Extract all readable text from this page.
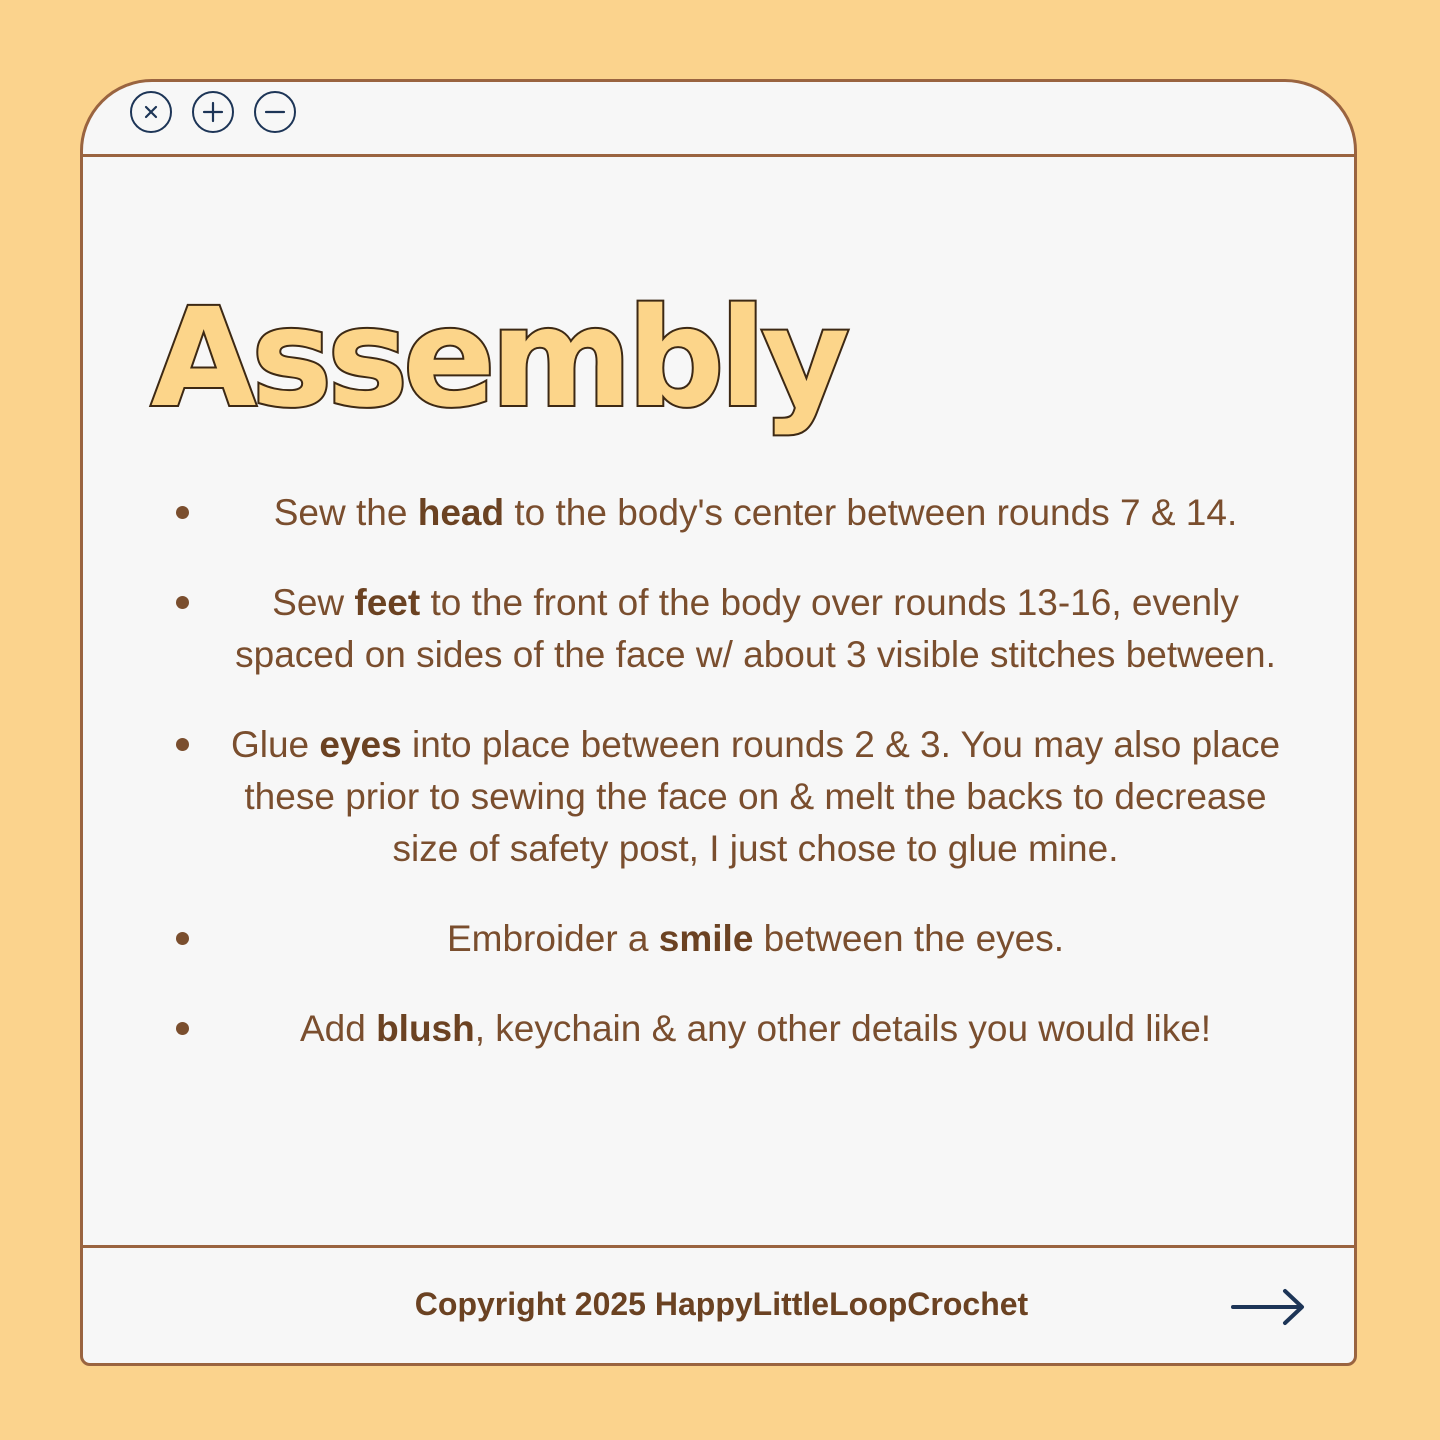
Assembly
Sew the head to the body's center between rounds 7 & 14.
Sew feet to the front of the body over rounds 13-16, evenly spaced on sides of the face w/ about 3 visible stitches between.
Glue eyes into place between rounds 2 & 3. You may also place these prior to sewing the face on & melt the backs to decrease size of safety post, I just chose to glue mine.
Embroider a smile between the eyes.
Add blush, keychain & any other details you would like!
Copyright 2025 HappyLittleLoopCrochet
